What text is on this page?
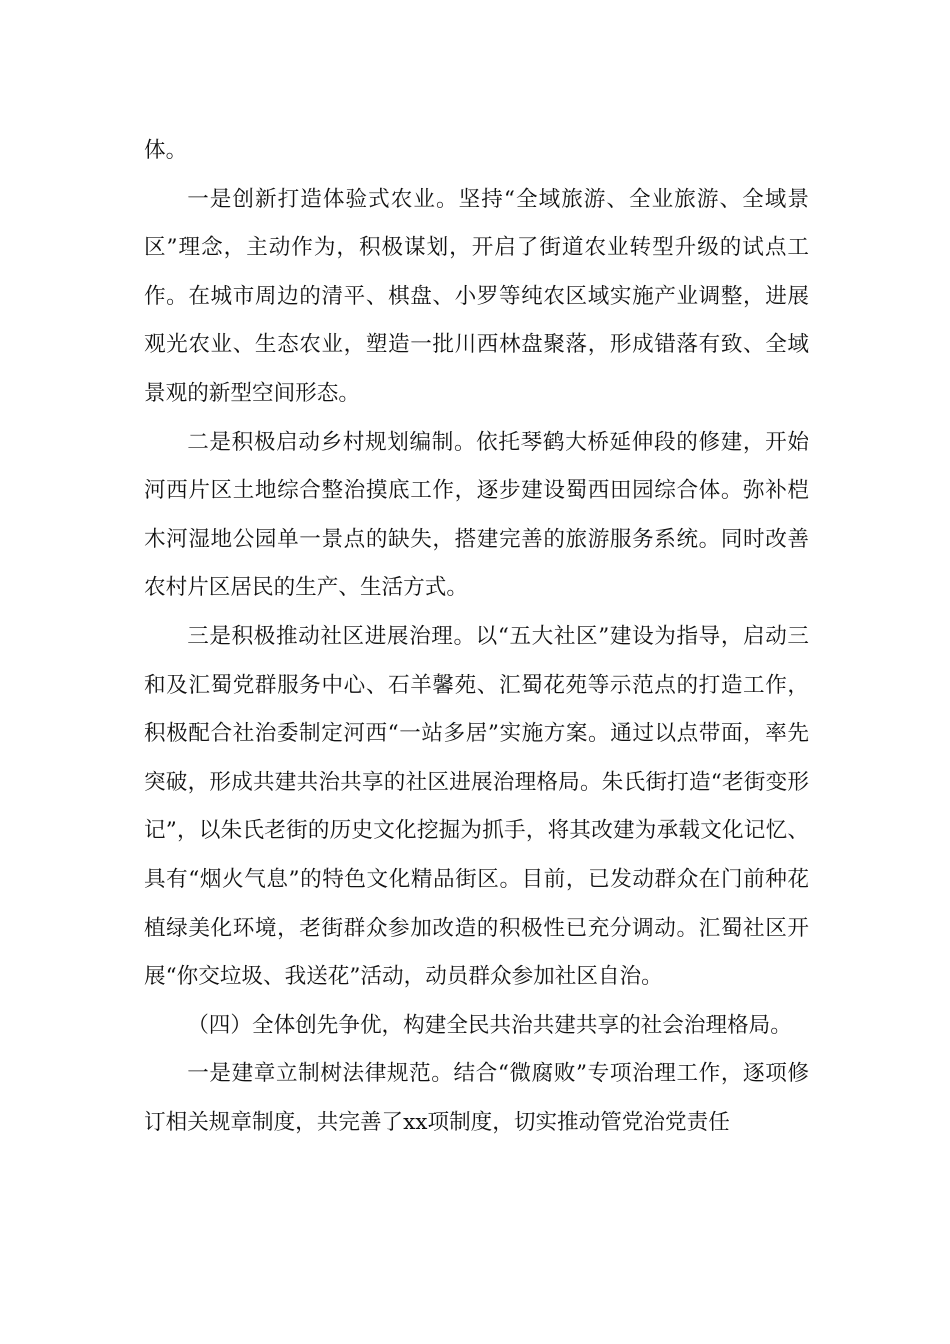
体。

一是创新打造体验式农业。坚持“全域旅游、全业旅游、全域景区”理念，主动作为，积极谋划，开启了街道农业转型升级的试点工作。在城市周边的清平、棋盘、小罗等纯农区域实施产业调整，进展观光农业、生态农业，塑造一批川西林盘聚落，形成错落有致、全域景观的新型空间形态。

二是积极启动乡村规划编制。依托琴鹤大桥延伸段的修建，开始河西片区土地综合整治摸底工作，逐步建设蜀西田园综合体。弥补桤木河湿地公园单一景点的缺失，搭建完善的旅游服务系统。同时改善农村片区居民的生产、生活方式。

三是积极推动社区进展治理。以“五大社区”建设为指导，启动三和及汇蜀党群服务中心、石羊馨苑、汇蜀花苑等示范点的打造工作，积极配合社治委制定河西“一站多居”实施方案。通过以点带面，率先突破，形成共建共治共享的社区进展治理格局。朱氏街打造“老街变形记”，以朱氏老街的历史文化挖掘为抓手，将其改建为承载文化记忆、具有“烟火气息”的特色文化精品街区。目前，已发动群众在门前种花植绿美化环境，老街群众参加改造的积极性已充分调动。汇蜀社区开展“你交垃圾、我送花”活动，动员群众参加社区自治。

（四）全体创先争优，构建全民共治共建共享的社会治理格局。

一是建章立制树法律规范。结合“微腐败”专项治理工作，逐项修订相关规章制度，共完善了xx项制度，切实推动管党治党责任
